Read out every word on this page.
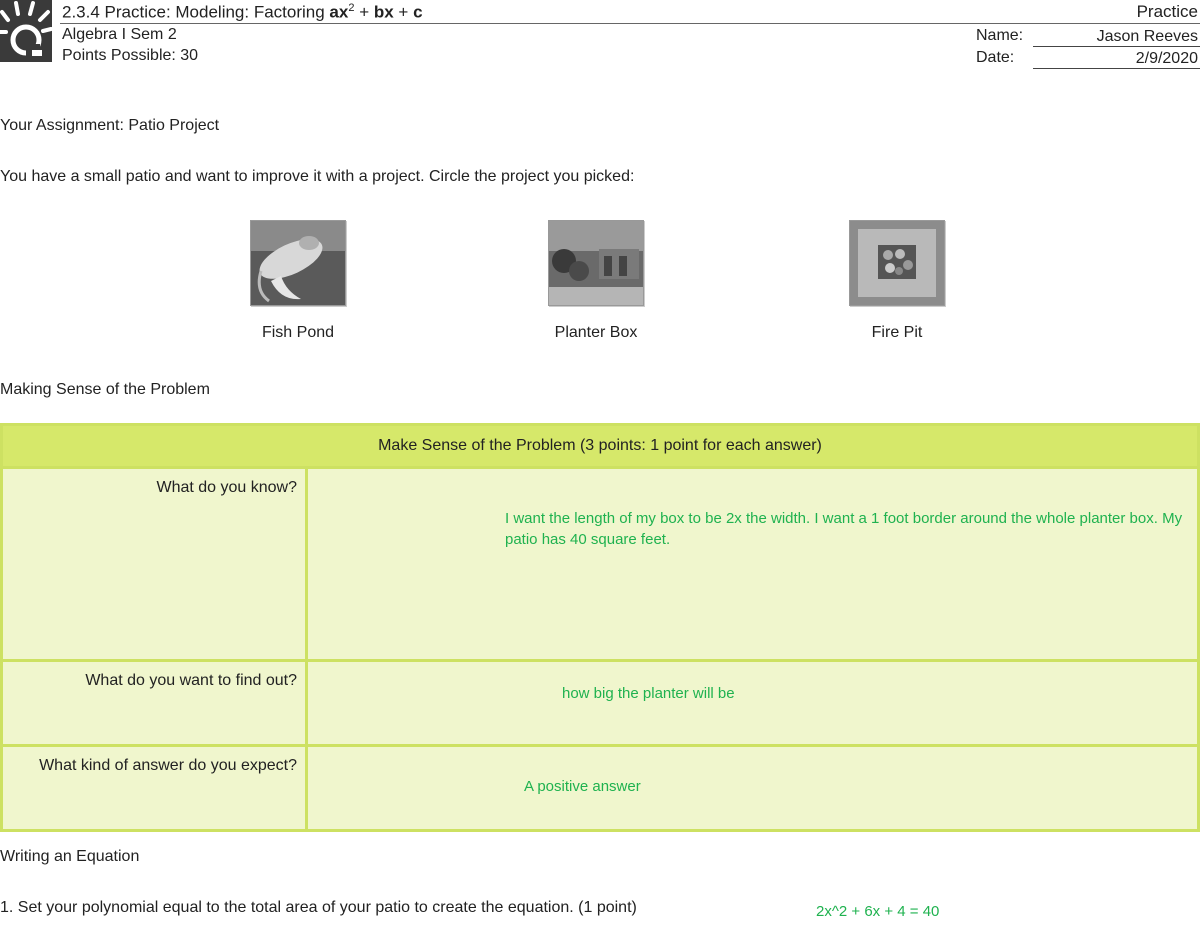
2.3.4 Practice: Modeling: Factoring $ax^2$ + bx + c	Practice
Algebra I Sem 2
Points Possible: 30
Name:	Jason Reeves
Date:	2/9/2020
Your Assignment: Patio Project
You have a small patio and want to improve it with a project. Circle the project you picked:
Fish Pond	Planter Box	Fire Pit
Making Sense of the Problem
Make Sense of the Problem (3 points: 1 point for each answer)	
What do you know?	I want the length of my box to be 2x the width. I want a 1 foot border around the whole planter box. My patio has 40 square feet.

What do you want to find out?	how big the planter will be

What kind of answer do you expect?	A positive answer
Writing an Equation
1. Set your polynomial equal to the total area of your patio to create the equation. (1 point)	2x^2 + 6x + 4 = 40
